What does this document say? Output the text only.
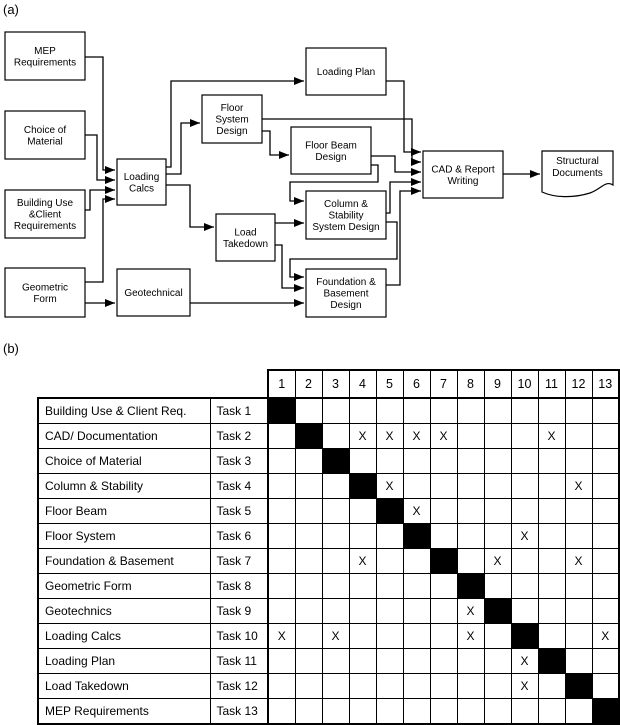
(a)
MEP
Requirements
Choice of
Material
Building Use
&Client
Requirements
Geometric
Form
Loading
Calcs
Geotechnical
Floor
System
Design
Load
Takedown
Loading Plan
Floor Beam
Design
Column &
Stability
System Design
Foundation &
Basement
Design
CAD & Report
Writing
Structural
Documents
(b)
		1	2	3	4	5	6	7	8	9	10	11	12	13
Building Use & Client Req.	Task 1													
CAD/ Documentation	Task 2				X	X	X	X				X		
Choice of Material	Task 3													
Column & Stability	Task 4					X							X	
Floor Beam	Task 5						X							
Floor System	Task 6										X			
Foundation & Basement	Task 7				X					X			X	
Geometric Form	Task 8													
Geotechnics	Task 9								X					
Loading Calcs	Task 10	X		X					X					X
Loading Plan	Task 11										X			
Load Takedown	Task 12										X			
MEP Requirements	Task 13													
